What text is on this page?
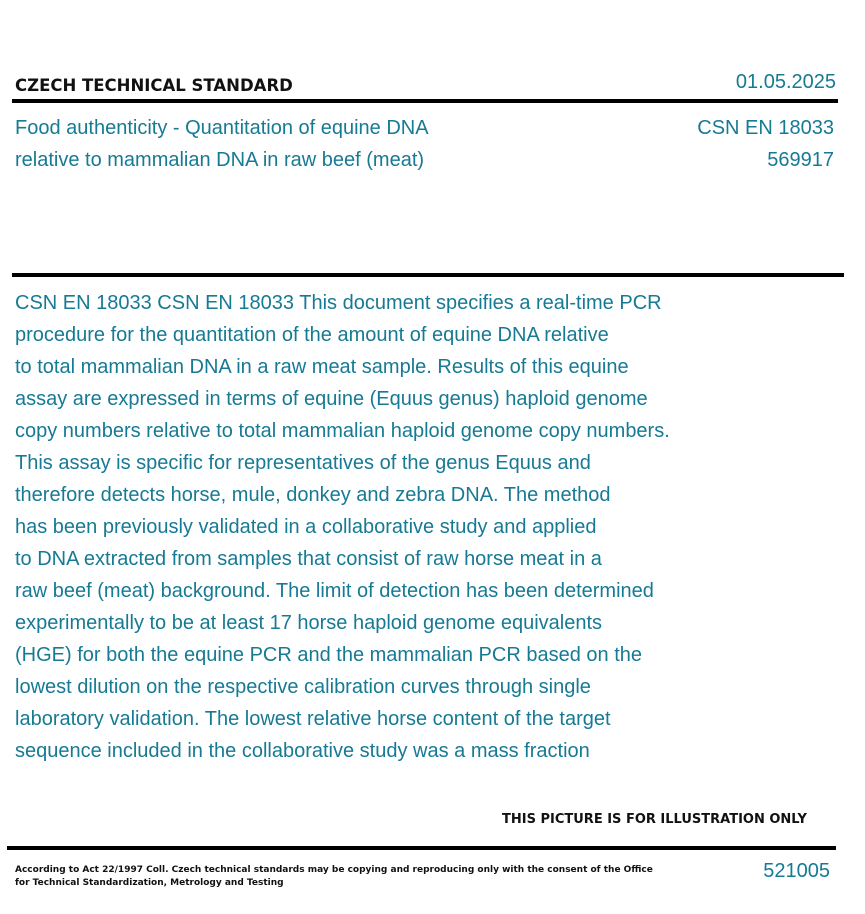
CZECH TECHNICAL STANDARD	01.05.2025
Food authenticity - Quantitation of equine DNA
relative to mammalian DNA in raw beef (meat)
CSN EN 18033
569917
CSN EN 18033 CSN EN 18033 This document specifies a real-time PCR
procedure for the quantitation of the amount of equine DNA relative
to total mammalian DNA in a raw meat sample. Results of this equine
assay are expressed in terms of equine (Equus genus) haploid genome
copy numbers relative to total mammalian haploid genome copy numbers.
This assay is specific for representatives of the genus Equus and
therefore detects horse, mule, donkey and zebra DNA. The method
has been previously validated in a collaborative study and applied
to DNA extracted from samples that consist of raw horse meat in a
raw beef (meat) background. The limit of detection has been determined
experimentally to be at least 17 horse haploid genome equivalents
(HGE) for both the equine PCR and the mammalian PCR based on the
lowest dilution on the respective calibration curves through single
laboratory validation. The lowest relative horse content of the target
sequence included in the collaborative study was a mass fraction
THIS PICTURE IS FOR ILLUSTRATION ONLY
According to Act 22/1997 Coll. Czech technical standards may be copying and reproducing only with the consent of the Office
for Technical Standardization, Metrology and Testing
521005
